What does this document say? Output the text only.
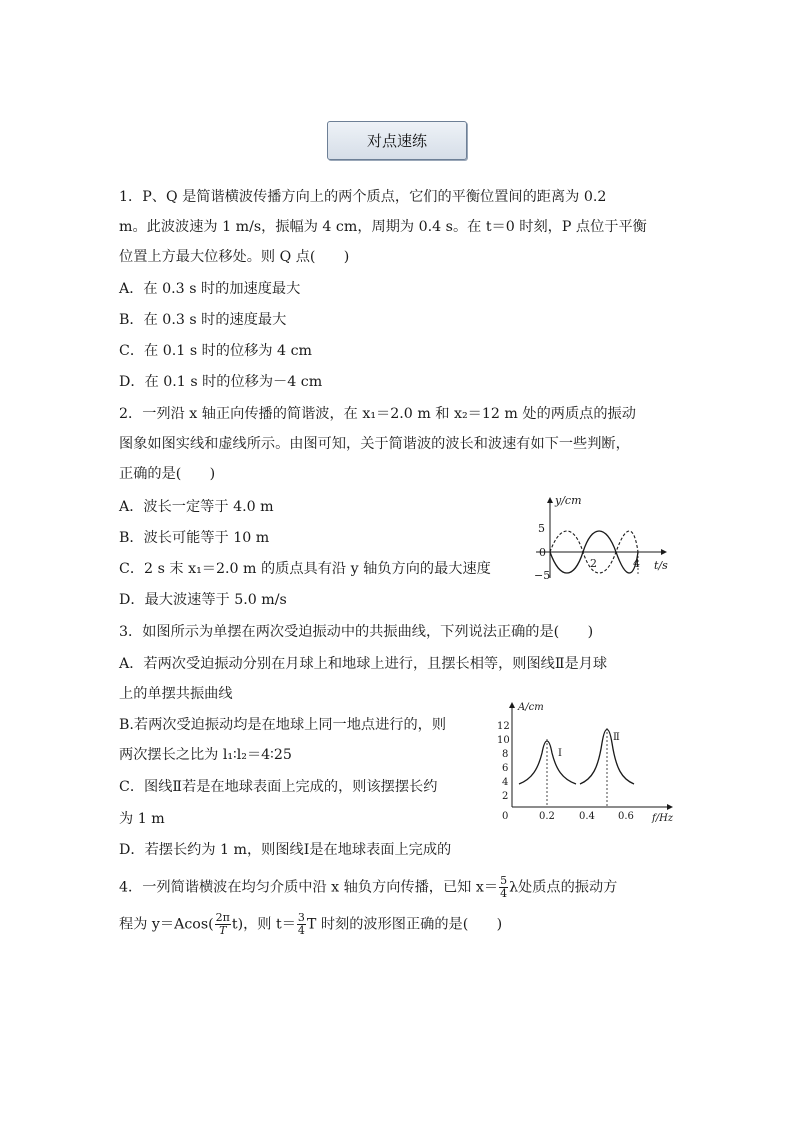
对点速练
1．P、Q 是简谐横波传播方向上的两个质点，它们的平衡位置间的距离为 0.2
m。此波波速为 1 m/s，振幅为 4 cm，周期为 0.4 s。在 t＝0 时刻，P 点位于平衡
位置上方最大位移处。则 Q 点(　　)
A．在 0.3 s 时的加速度最大
B．在 0.3 s 时的速度最大
C．在 0.1 s 时的位移为 4 cm
D．在 0.1 s 时的位移为－4 cm
2．一列沿 x 轴正向传播的简谐波，在 x₁＝2.0 m 和 x₂＝12 m 处的两质点的振动
图象如图实线和虚线所示。由图可知，关于简谐波的波长和波速有如下一些判断，
正确的是(　　)
A．波长一定等于 4.0 m
B．波长可能等于 10 m
C．2 s 末 x₁＝2.0 m 的质点具有沿 y 轴负方向的最大速度
D．最大波速等于 5.0 m/s
y/cm
t/s
5
0
−5
2	4
3．如图所示为单摆在两次受迫振动中的共振曲线，下列说法正确的是(　　)
A．若两次受迫振动分别在月球上和地球上进行，且摆长相等，则图线Ⅱ是月球
上的单摆共振曲线
B.若两次受迫振动均是在地球上同一地点进行的，则
两次摆长之比为 l₁∶l₂＝4∶25
C．图线Ⅱ若是在地球表面上完成的，则该摆摆长约
为 1 m
D．若摆长约为 1 m，则图线Ⅰ是在地球表面上完成的
A/cm
f/Hz
12
10
8
6
4
2
0	0.2 0.4 0.6
Ⅰ
Ⅱ
4．一列简谐横波在均匀介质中沿 x 轴负方向传播，已知 $x= \frac{5}{4}$ λ处质点的振动方
程为 $y=Acos( \frac{2\pi}{T} t)$，则 $t= \frac{3}{4}$ T 时刻的波形图正确的是(　　)
